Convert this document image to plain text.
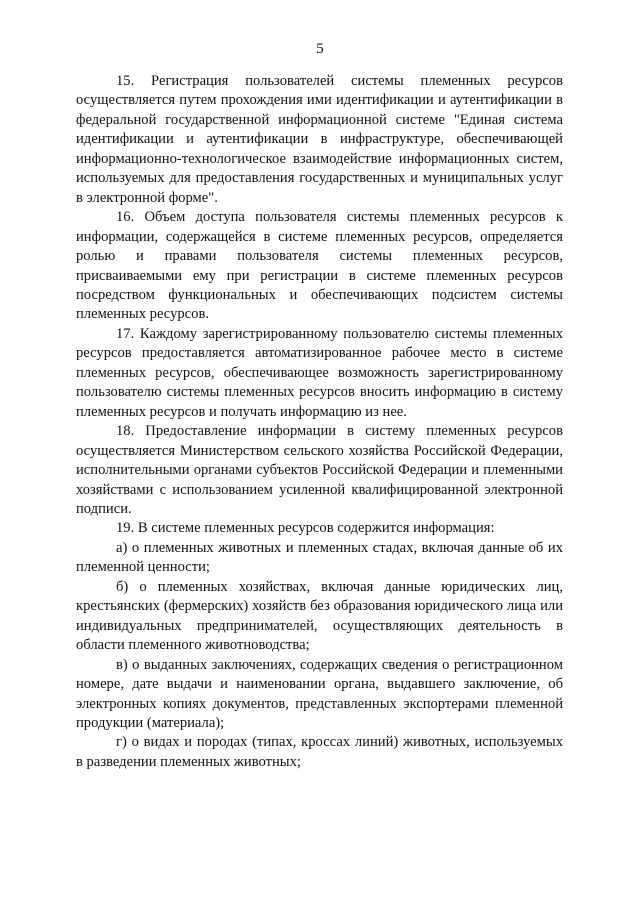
5

15. Регистрация пользователей системы племенных ресурсов осуществляется путем прохождения ими идентификации и аутентификации в федеральной государственной информационной системе "Единая система идентификации и аутентификации в инфраструктуре, обеспечивающей информационно-технологическое взаимодействие информационных систем, используемых для предоставления государственных и муниципальных услуг в электронной форме".

16. Объем доступа пользователя системы племенных ресурсов к информации, содержащейся в системе племенных ресурсов, определяется ролью и правами пользователя системы племенных ресурсов, присваиваемыми ему при регистрации в системе племенных ресурсов посредством функциональных и обеспечивающих подсистем системы племенных ресурсов.

17. Каждому зарегистрированному пользователю системы племенных ресурсов предоставляется автоматизированное рабочее место в системе племенных ресурсов, обеспечивающее возможность зарегистрированному пользователю системы племенных ресурсов вносить информацию в систему племенных ресурсов и получать информацию из нее.

18. Предоставление информации в систему племенных ресурсов осуществляется Министерством сельского хозяйства Российской Федерации, исполнительными органами субъектов Российской Федерации и племенными хозяйствами с использованием усиленной квалифицированной электронной подписи.

19. В системе племенных ресурсов содержится информация:

а) о племенных животных и племенных стадах, включая данные об их племенной ценности;

б) о племенных хозяйствах, включая данные юридических лиц, крестьянских (фермерских) хозяйств без образования юридического лица или индивидуальных предпринимателей, осуществляющих деятельность в области племенного животноводства;

в) о выданных заключениях, содержащих сведения о регистрационном номере, дате выдачи и наименовании органа, выдавшего заключение, об электронных копиях документов, представленных экспортерами племенной продукции (материала);

г) о видах и породах (типах, кроссах линий) животных, используемых в разведении племенных животных;
